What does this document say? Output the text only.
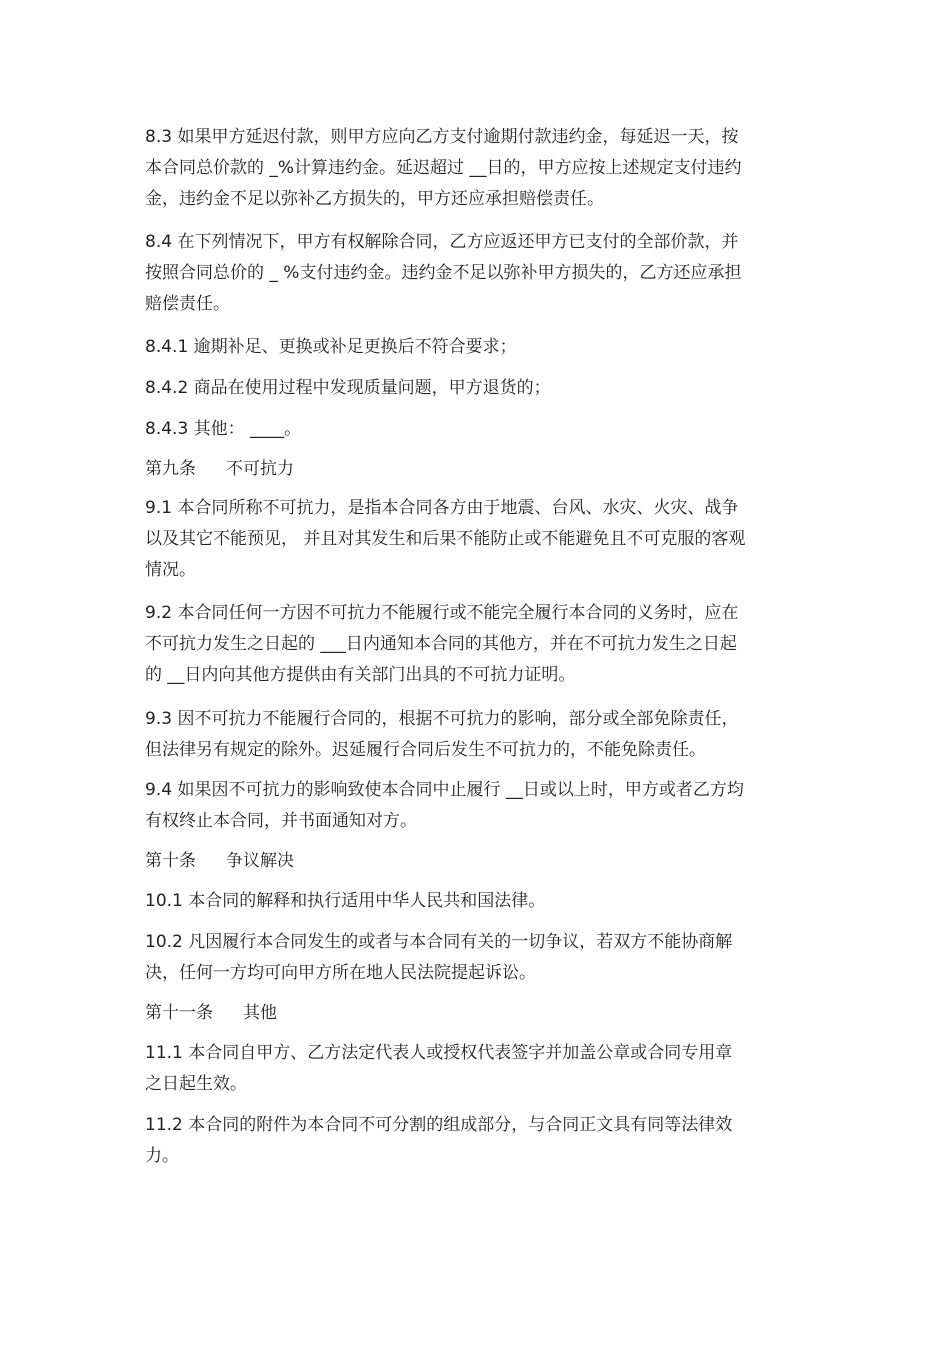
8.3 如果甲方延迟付款，则甲方应向乙方支付逾期付款违约金，每延迟一天，按
本合同总价款的 _%计算违约金。延迟超过 __日的，甲方应按上述规定支付违约
金，违约金不足以弥补乙方损失的，甲方还应承担赔偿责任。
8.4 在下列情况下，甲方有权解除合同，乙方应返还甲方已支付的全部价款，并
按照合同总价的 _ %支付违约金。违约金不足以弥补甲方损失的，乙方还应承担
赔偿责任。
8.4.1 逾期补足、更换或补足更换后不符合要求；
8.4.2 商品在使用过程中发现质量问题，甲方退货的；
8.4.3 其他： ____。
第九条 不可抗力
9.1 本合同所称不可抗力，是指本合同各方由于地震、台风、水灾、火灾、战争
以及其它不能预见， 并且对其发生和后果不能防止或不能避免且不可克服的客观
情况。
9.2 本合同任何一方因不可抗力不能履行或不能完全履行本合同的义务时，应在
不可抗力发生之日起的 ___日内通知本合同的其他方，并在不可抗力发生之日起
的 __日内向其他方提供由有关部门出具的不可抗力证明。
9.3 因不可抗力不能履行合同的，根据不可抗力的影响，部分或全部免除责任，
但法律另有规定的除外。迟延履行合同后发生不可抗力的，不能免除责任。
9.4 如果因不可抗力的影响致使本合同中止履行 __日或以上时，甲方或者乙方均
有权终止本合同，并书面通知对方。
第十条 争议解决
10.1 本合同的解释和执行适用中华人民共和国法律。
10.2 凡因履行本合同发生的或者与本合同有关的一切争议，若双方不能协商解
决，任何一方均可向甲方所在地人民法院提起诉讼。
第十一条 其他
11.1 本合同自甲方、乙方法定代表人或授权代表签字并加盖公章或合同专用章
之日起生效。
11.2 本合同的附件为本合同不可分割的组成部分，与合同正文具有同等法律效
力。
